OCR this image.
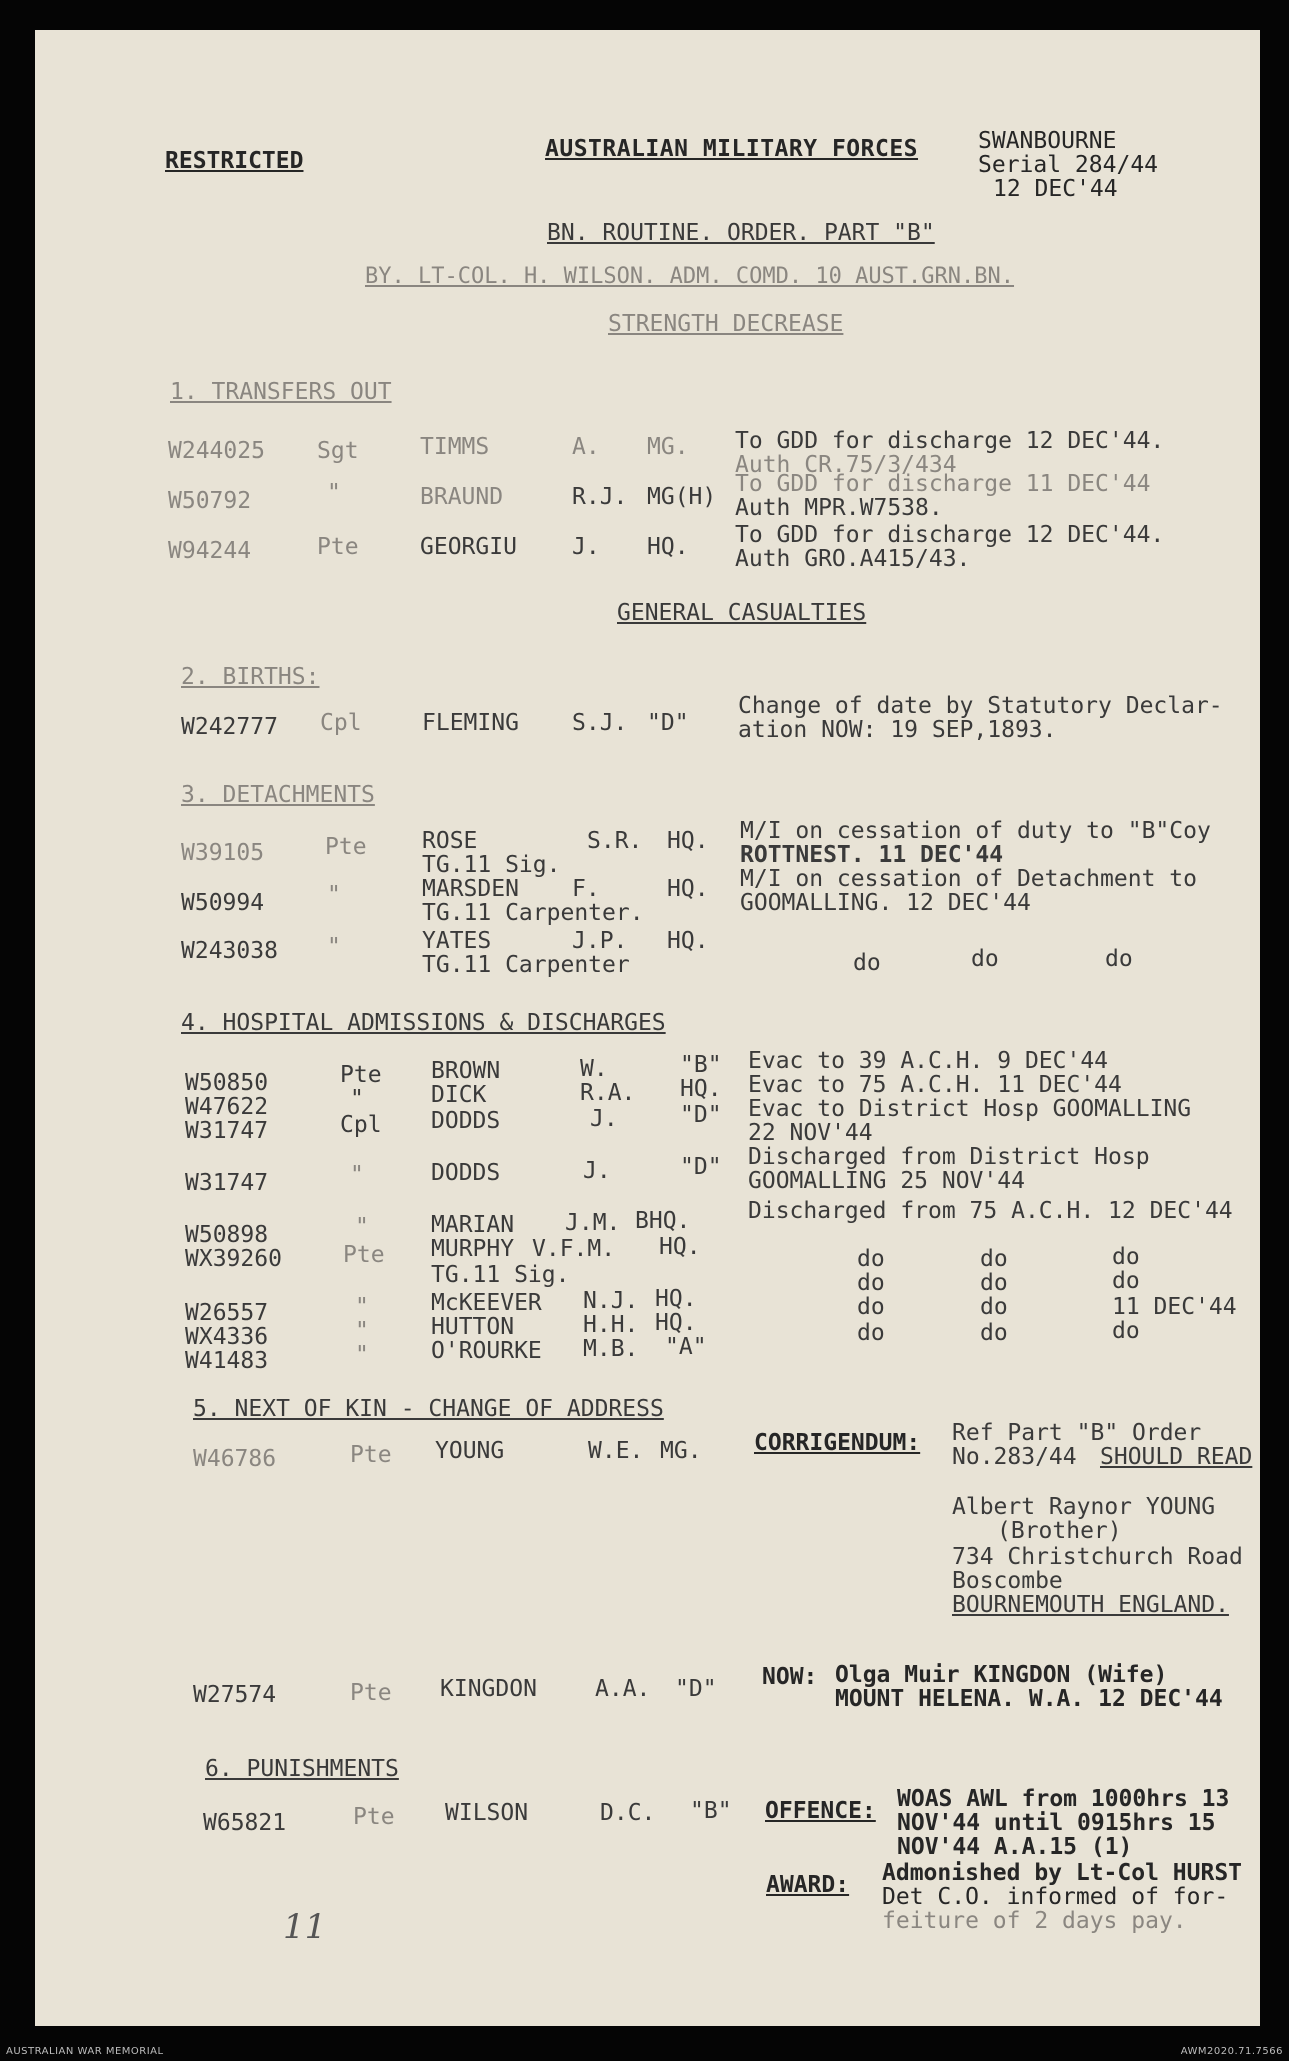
RESTRICTED	AUSTRALIAN MILITARY FORCES	SWANBOURNE
Serial 284/44
12 DEC'44
BN. ROUTINE. ORDER. PART "B"
BY. LT-COL. H. WILSON. ADM. COMD. 10 AUST.GRN.BN.
STRENGTH DECREASE
1. TRANSFERS OUT
W244025 Sgt	TIMMS	A. MG. To GDD for discharge 12 DEC'44.
Auth CR.75/3/434
W50792	"	BRAUND	R.J. MG(H) To GDD for discharge 11 DEC'44
Auth MPR.W7538.
W94244	Pte	GEORGIU J. HQ. To GDD for discharge 12 DEC'44.
Auth GRO.A415/43.
GENERAL CASUALTIES
2. BIRTHS:
W242777 Cpl	FLEMING S.J. "D"
Change of date by Statutory Declar-
ation NOW: 19 SEP,1893.
3. DETACHMENTS
W39105	Pte ROSE	S.R. HQ.
TG.11 Sig.
M/I on cessation of duty to "B"Coy
ROTTNEST. 11 DEC'44
W50994	"	MARSDEN F.	HQ.
TG.11 Carpenter.
M/I on cessation of Detachment to
GOOMALLING. 12 DEC'44
W243038 "	YATES	J.P. HQ.
TG.11 Carpenter	do	do	do
4. HOSPITAL ADMISSIONS & DISCHARGES
W50850	Pte BROWN	W.	"B" Evac to 39 A.C.H. 9 DEC'44
W47622	"	DICK	R.A. HQ. Evac to 75 A.C.H. 11 DEC'44
W31747	Cpl DODDS	J.	"D" Evac to District Hosp GOOMALLING
22 NOV'44
W31747	"	DODDS	J.	"D" Discharged from District Hosp
GOOMALLING 25 NOV'44
W50898	"	MARIAN J.M. BHQ.	Discharged from 75 A.C.H. 12 DEC'44
WX39260	Pte MURPHY V.F.M. HQ.
TG.11 Sig.
do	do	do
W26557	"	McKEEVER N.J. HQ.
do	do	do
WX4336	"	HUTTON	H.H. HQ.
do	do	11 DEC'44
W41483	"	O'ROURKE M.B. "A"
do	do	do
5. NEXT OF KIN - CHANGE OF ADDRESS
W46786	Pte YOUNG	W.E. MG. CORRIGENDUM: Ref Part "B" Order
No.283/44 SHOULD READ
Albert Raynor YOUNG
(Brother)
734 Christchurch Road
Boscombe
BOURNEMOUTH ENGLAND.
W27574	Pte KINGDON	A.A. "D" NOW: Olga Muir KINGDON (Wife)
MOUNT HELENA. W.A. 12 DEC'44
6. PUNISHMENTS
W65821	Pte WILSON	D.C. "B" OFFENCE: WOAS AWL from 1000hrs 13
NOV'44 until 0915hrs 15
NOV'44 A.A.15 (1)
AWARD: Admonished by Lt-Col HURST
Det C.O. informed of for-
feiture of 2 days pay.
11
AUSTRALIAN WAR MEMORIAL	AWM2020.71.7566
